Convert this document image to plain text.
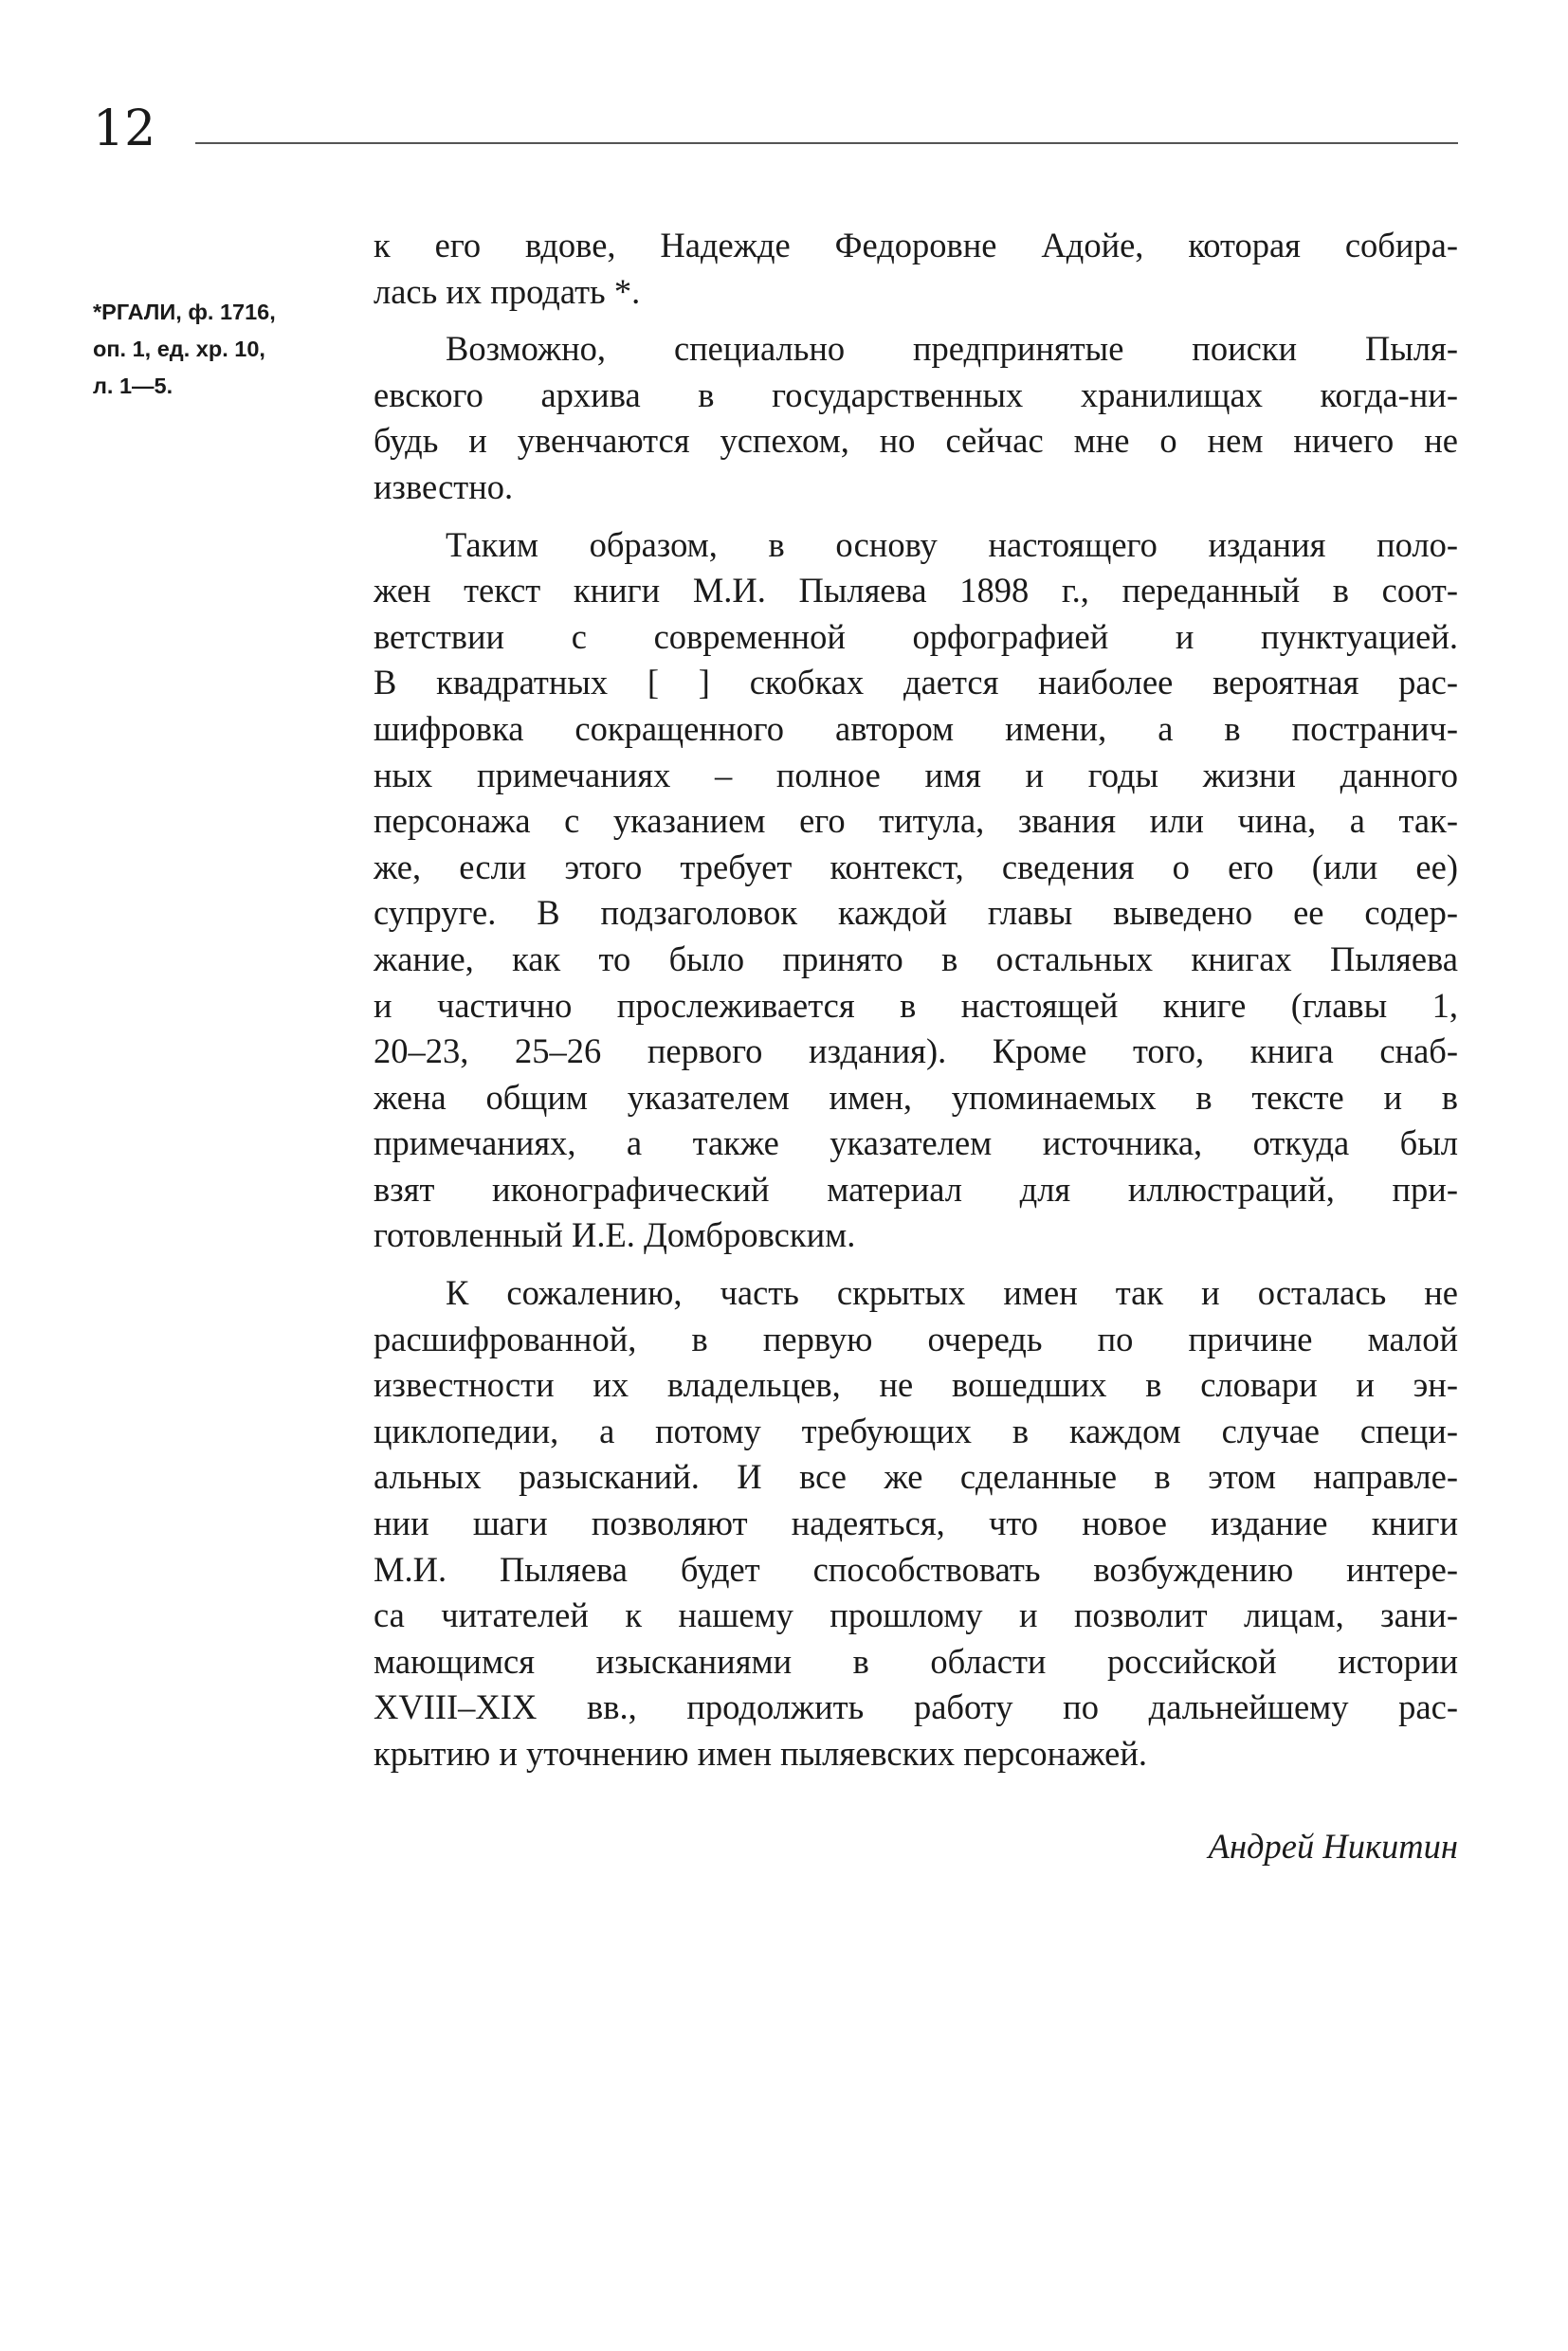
12
*РГАЛИ, ф. 1716,
оп. 1, ед. хр. 10,
л. 1—5.
к его вдове, Надежде Федоровне Адойе, которая собира-
лась их продать *.
Возможно, специально предпринятые поиски Пыля-
евского архива в государственных хранилищах когда-ни-
будь и увенчаются успехом, но сейчас мне о нем ничего не
известно.
Таким образом, в основу настоящего издания поло-
жен текст книги М.И. Пыляева 1898 г., переданный в соот-
ветствии с современной орфографией и пунктуацией.
В квадратных [ ] скобках дается наиболее вероятная рас-
шифровка сокращенного автором имени, а в постранич-
ных примечаниях – полное имя и годы жизни данного
персонажа с указанием его титула, звания или чина, а так-
же, если этого требует контекст, сведения о его (или ее)
супруге. В подзаголовок каждой главы выведено ее содер-
жание, как то было принято в остальных книгах Пыляева
и частично прослеживается в настоящей книге (главы 1,
20–23, 25–26 первого издания). Кроме того, книга снаб-
жена общим указателем имен, упоминаемых в тексте и в
примечаниях, а также указателем источника, откуда был
взят иконографический материал для иллюстраций, при-
готовленный И.Е. Домбровским.
К сожалению, часть скрытых имен так и осталась не
расшифрованной, в первую очередь по причине малой
известности их владельцев, не вошедших в словари и эн-
циклопедии, а потому требующих в каждом случае специ-
альных разысканий. И все же сделанные в этом направле-
нии шаги позволяют надеяться, что новое издание книги
М.И. Пыляева будет способствовать возбуждению интере-
са читателей к нашему прошлому и позволит лицам, зани-
мающимся изысканиями в области российской истории
XVIII–XIX вв., продолжить работу по дальнейшему рас-
крытию и уточнению имен пыляевских персонажей.
Андрей Никитин
